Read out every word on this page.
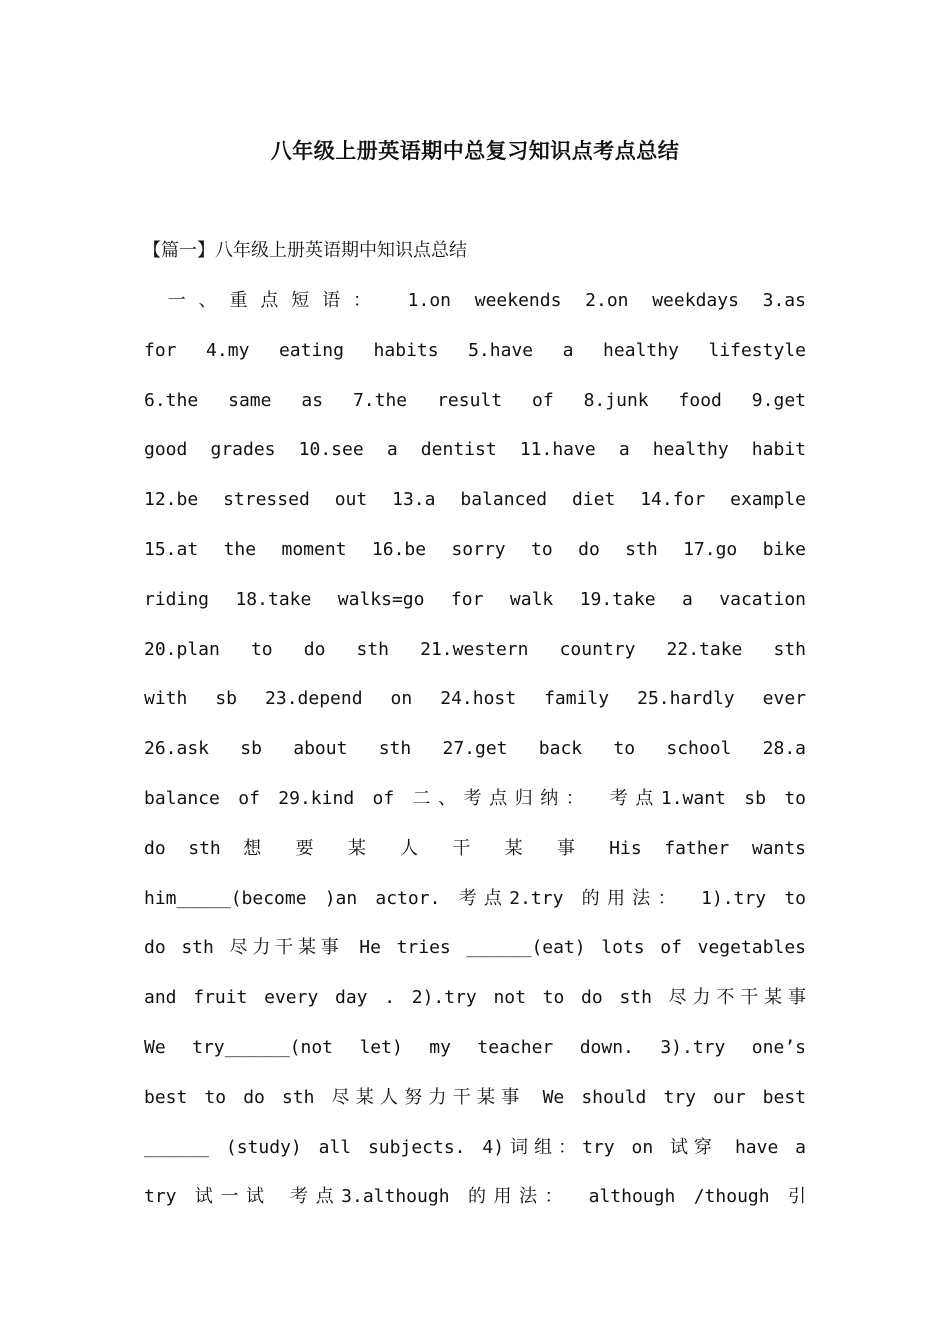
八年级上册英语期中总复习知识点考点总结
【篇一】八年级上册英语期中知识点总结
一、重点短语： 1.on weekends 2.on weekdays 3.as
for 4.my eating habits 5.have a healthy lifestyle
6.the same as 7.the result of 8.junk food 9.get
good grades 10.see a dentist 11.have a healthy habit
12.be stressed out 13.a balanced diet 14.for example
15.at the moment 16.be sorry to do sth 17.go bike
riding 18.take walks=go for walk 19.take a vacation
20.plan to do sth 21.western country 22.take sth
with sb 23.depend on 24.host family 25.hardly ever
26.ask sb about sth 27.get back to school 28.a
balance of 29.kind of 二、考点归纳： 考点1.want sb to
do sth 想 要 某 人 干 某 事 His father wants
him_____(become )an actor. 考点2.try 的用法： 1).try to
do sth 尽力干某事 He tries ______(eat) lots of vegetables
and fruit every day . 2).try not to do sth 尽力不干某事
We try______(not let) my teacher down. 3).try one’s
best to do sth 尽某人努力干某事 We should try our best
______ (study) all subjects. 4)词组：try on 试穿 have a
try 试一试 考点3.although 的用法： although /though 引
